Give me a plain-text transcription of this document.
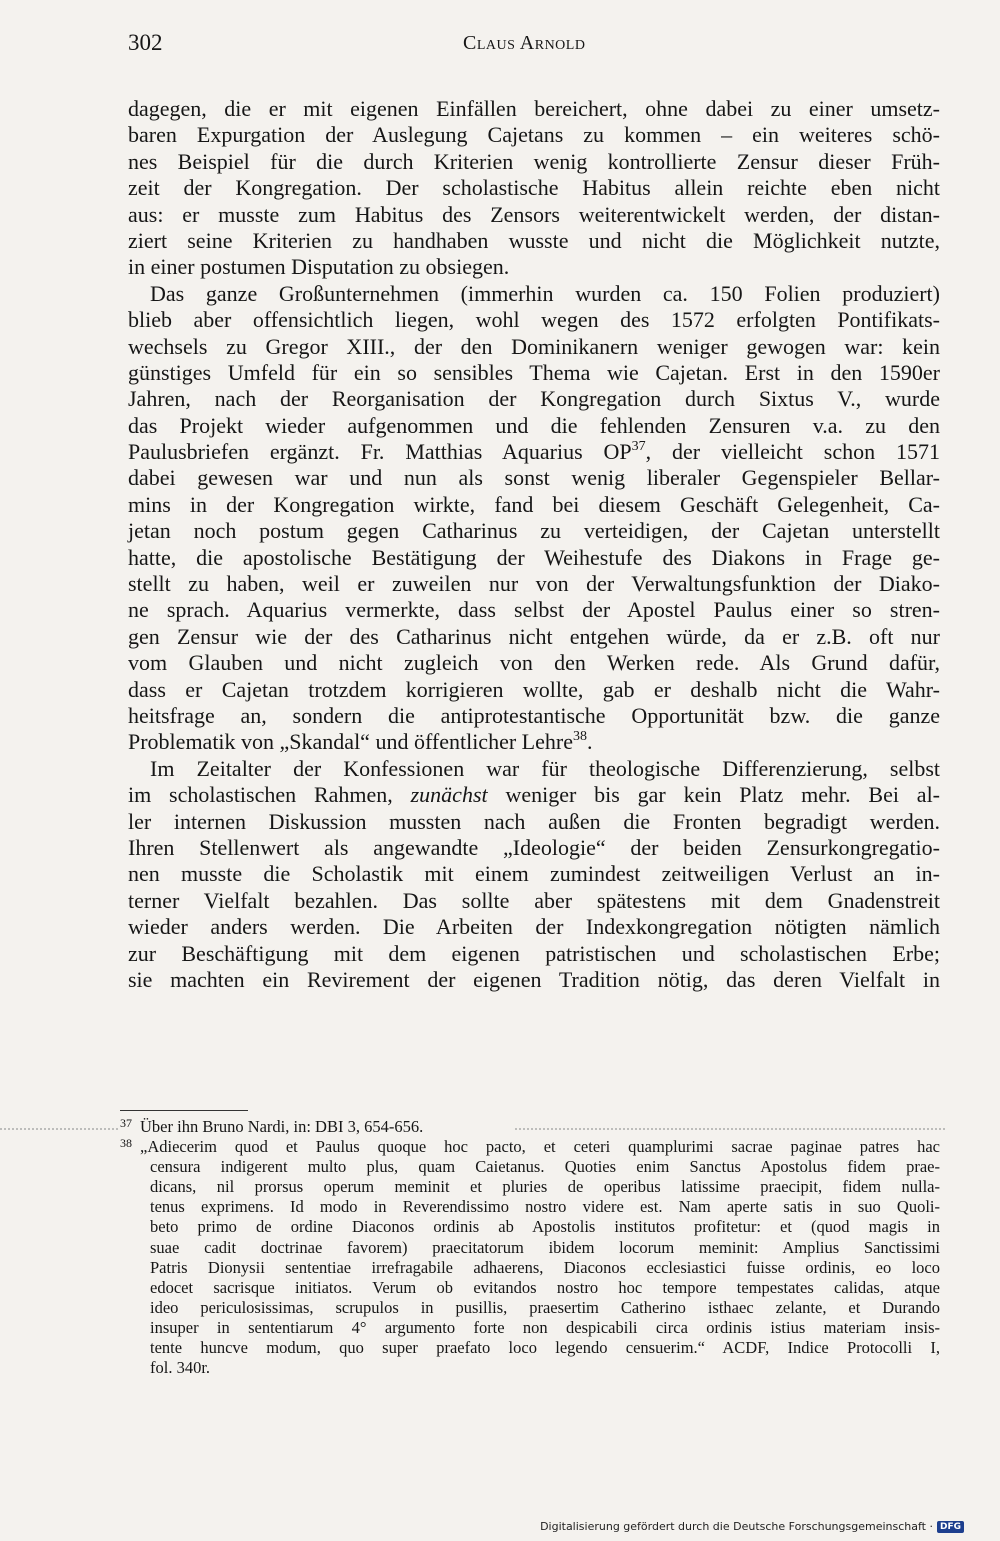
302	Claus Arnold
dagegen, die er mit eigenen Einfällen bereichert, ohne dabei zu einer umsetz-
baren Expurgation der Auslegung Cajetans zu kommen – ein weiteres schö-
nes Beispiel für die durch Kriterien wenig kontrollierte Zensur dieser Früh-
zeit der Kongregation. Der scholastische Habitus allein reichte eben nicht
aus: er musste zum Habitus des Zensors weiterentwickelt werden, der distan-
ziert seine Kriterien zu handhaben wusste und nicht die Möglichkeit nutzte,
in einer postumen Disputation zu obsiegen.
Das ganze Großunternehmen (immerhin wurden ca. 150 Folien produziert)
blieb aber offensichtlich liegen, wohl wegen des 1572 erfolgten Pontifikats-
wechsels zu Gregor XIII., der den Dominikanern weniger gewogen war: kein
günstiges Umfeld für ein so sensibles Thema wie Cajetan. Erst in den 1590er
Jahren, nach der Reorganisation der Kongregation durch Sixtus V., wurde
das Projekt wieder aufgenommen und die fehlenden Zensuren v.a. zu den
Paulusbriefen ergänzt. Fr. Matthias Aquarius OP$^{37}$, der vielleicht schon 1571
dabei gewesen war und nun als sonst wenig liberaler Gegenspieler Bellar-
mins in der Kongregation wirkte, fand bei diesem Geschäft Gelegenheit, Ca-
jetan noch postum gegen Catharinus zu verteidigen, der Cajetan unterstellt
hatte, die apostolische Bestätigung der Weihestufe des Diakons in Frage ge-
stellt zu haben, weil er zuweilen nur von der Verwaltungsfunktion der Diako-
ne sprach. Aquarius vermerkte, dass selbst der Apostel Paulus einer so stren-
gen Zensur wie der des Catharinus nicht entgehen würde, da er z.B. oft nur
vom Glauben und nicht zugleich von den Werken rede. Als Grund dafür,
dass er Cajetan trotzdem korrigieren wollte, gab er deshalb nicht die Wahr-
heitsfrage an, sondern die antiprotestantische Opportunität bzw. die ganze
Problematik von „Skandal“ und öffentlicher Lehre$^{38}$.
Im Zeitalter der Konfessionen war für theologische Differenzierung, selbst
im scholastischen Rahmen, zunächst weniger bis gar kein Platz mehr. Bei al-
ler internen Diskussion mussten nach außen die Fronten begradigt werden.
Ihren Stellenwert als angewandte „Ideologie“ der beiden Zensurkongregatio-
nen musste die Scholastik mit einem zumindest zeitweiligen Verlust an in-
terner Vielfalt bezahlen. Das sollte aber spätestens mit dem Gnadenstreit
wieder anders werden. Die Arbeiten der Indexkongregation nötigten nämlich
zur Beschäftigung mit dem eigenen patristischen und scholastischen Erbe;
sie machten ein Revirement der eigenen Tradition nötig, das deren Vielfalt in
$^{37}$ Über ihn Bruno Nardi, in: DBI 3, 654-656.
$^{38}$ „Adiecerim quod et Paulus quoque hoc pacto, et ceteri quamplurimi sacrae paginae patres hac
censura indigerent multo plus, quam Caietanus. Quoties enim Sanctus Apostolus fidem prae-
dicans, nil prorsus operum meminit et pluries de operibus latissime praecipit, fidem nulla-
tenus exprimens. Id modo in Reverendissimo nostro videre est. Nam aperte satis in suo Quoli-
beto primo de ordine Diaconos ordinis ab Apostolis institutos profitetur: et (quod magis in
suae cadit doctrinae favorem) praecitatorum ibidem locorum meminit: Amplius Sanctissimi
Patris Dionysii sententiae irrefragabile adhaerens, Diaconos ecclesiastici fuisse ordinis, eo loco
edocet sacrisque initiatos. Verum ob evitandos nostro hoc tempore tempestates calidas, atque
ideo periculosissimas, scrupulos in pusillis, praesertim Catherino isthaec zelante, et Durando
insuper in sententiarum 4° argumento forte non despicabili circa ordinis istius materiam insis-
tente huncve modum, quo super praefato loco legendo censuerim.“ ACDF, Indice Protocolli I,
fol. 340r.
Digitalisierung gefördert durch die Deutsche Forschungsgemeinschaft · DFG
